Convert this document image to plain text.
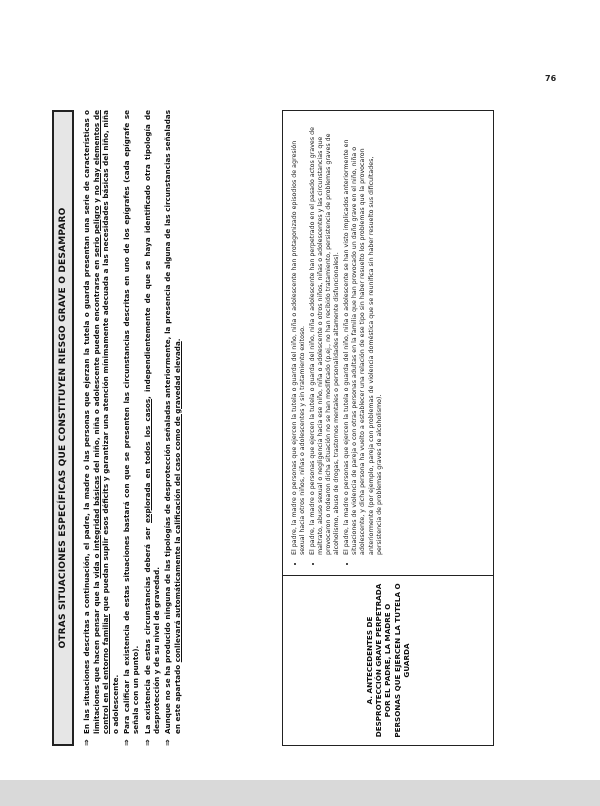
76
OTRAS SITUACIONES ESPECÍFICAS QUE CONSTITUYEN RIESGO GRAVE O DESAMPARO
⇒
En las situaciones descritas a continuación, el padre, la madre o las personas que ejerzan la tutela o guarda presentan una serie de características o limitaciones que hacen pensar que la vida o integridad básicas del niño, niña o adolescente pueden encontrarse en serio peligro y no hay elementos de control en el entorno familiar que puedan suplir esos déficits y garantizar una atención mínimamente adecuada a las necesidades básicas del niño, niña o adolescente.
⇒
Para calificar la existencia de estas situaciones bastará con que se presenten las circunstancias descritas en uno de los epígrafes (cada epígrafe se señala con un punto).
⇒
La existencia de estas circunstancias deberá ser explorada en todos los casos, independientemente de que se haya identificado otra tipología de desprotección y de su nivel de gravedad.
⇒
Aunque no se ha producido ninguna de las tipologías de desprotección señaladas anteriormente, la presencia de alguna de las circunstancias señaladas en este apartado conllevará automáticamente la calificación del caso como de gravedad elevada.
A. ANTECEDENTES DE DESPROTECCIÓN GRAVE PERPETRADA POR EL PADRE, LA MADRE O PERSONAS QUE EJERCEN LA TUTELA O GUARDA
• El padre, la madre o personas que ejercen la tutela o guarda del niño, niña o adolescente han protagonizado episodios de agresión sexual hacia otros niños, niñas o adolescentes y sin tratamiento exitoso. • El padre, la madre o personas que ejercen la tutela o guarda del niño, niña o adolescente han perpetrado en el pasado actos graves de maltrato, abuso sexual o negligencia hacia ese niño, niña o adolescente o otros niños, niñas o adolescentes y las circunstancias que provocaron o rodearon dicha situación no se han modificado (p.ej., no han recibido tratamiento, persistencia de problemas graves de alcoholismo, abuso de drogas, trastornos mentales o personalidades altamente disfuncionales). • El padre, la madre o personas que ejercen la tutela o guarda del niño, niña o adolescente se han visto implicados anteriormente en situaciones de violencia de pareja o con otras personas adultas en la familia que han provocado un daño grave en el niño, niña o adolescente, y dicha persona ha vuelto a establecer una relación de ese tipo sin haber resuelto los problemas que la provocaron anteriormente (por ejemplo, pareja con problemas de violencia doméstica que se reunifica sin haber resuelto sus dificultades, persistencia de problemas graves de alcoholismo).
